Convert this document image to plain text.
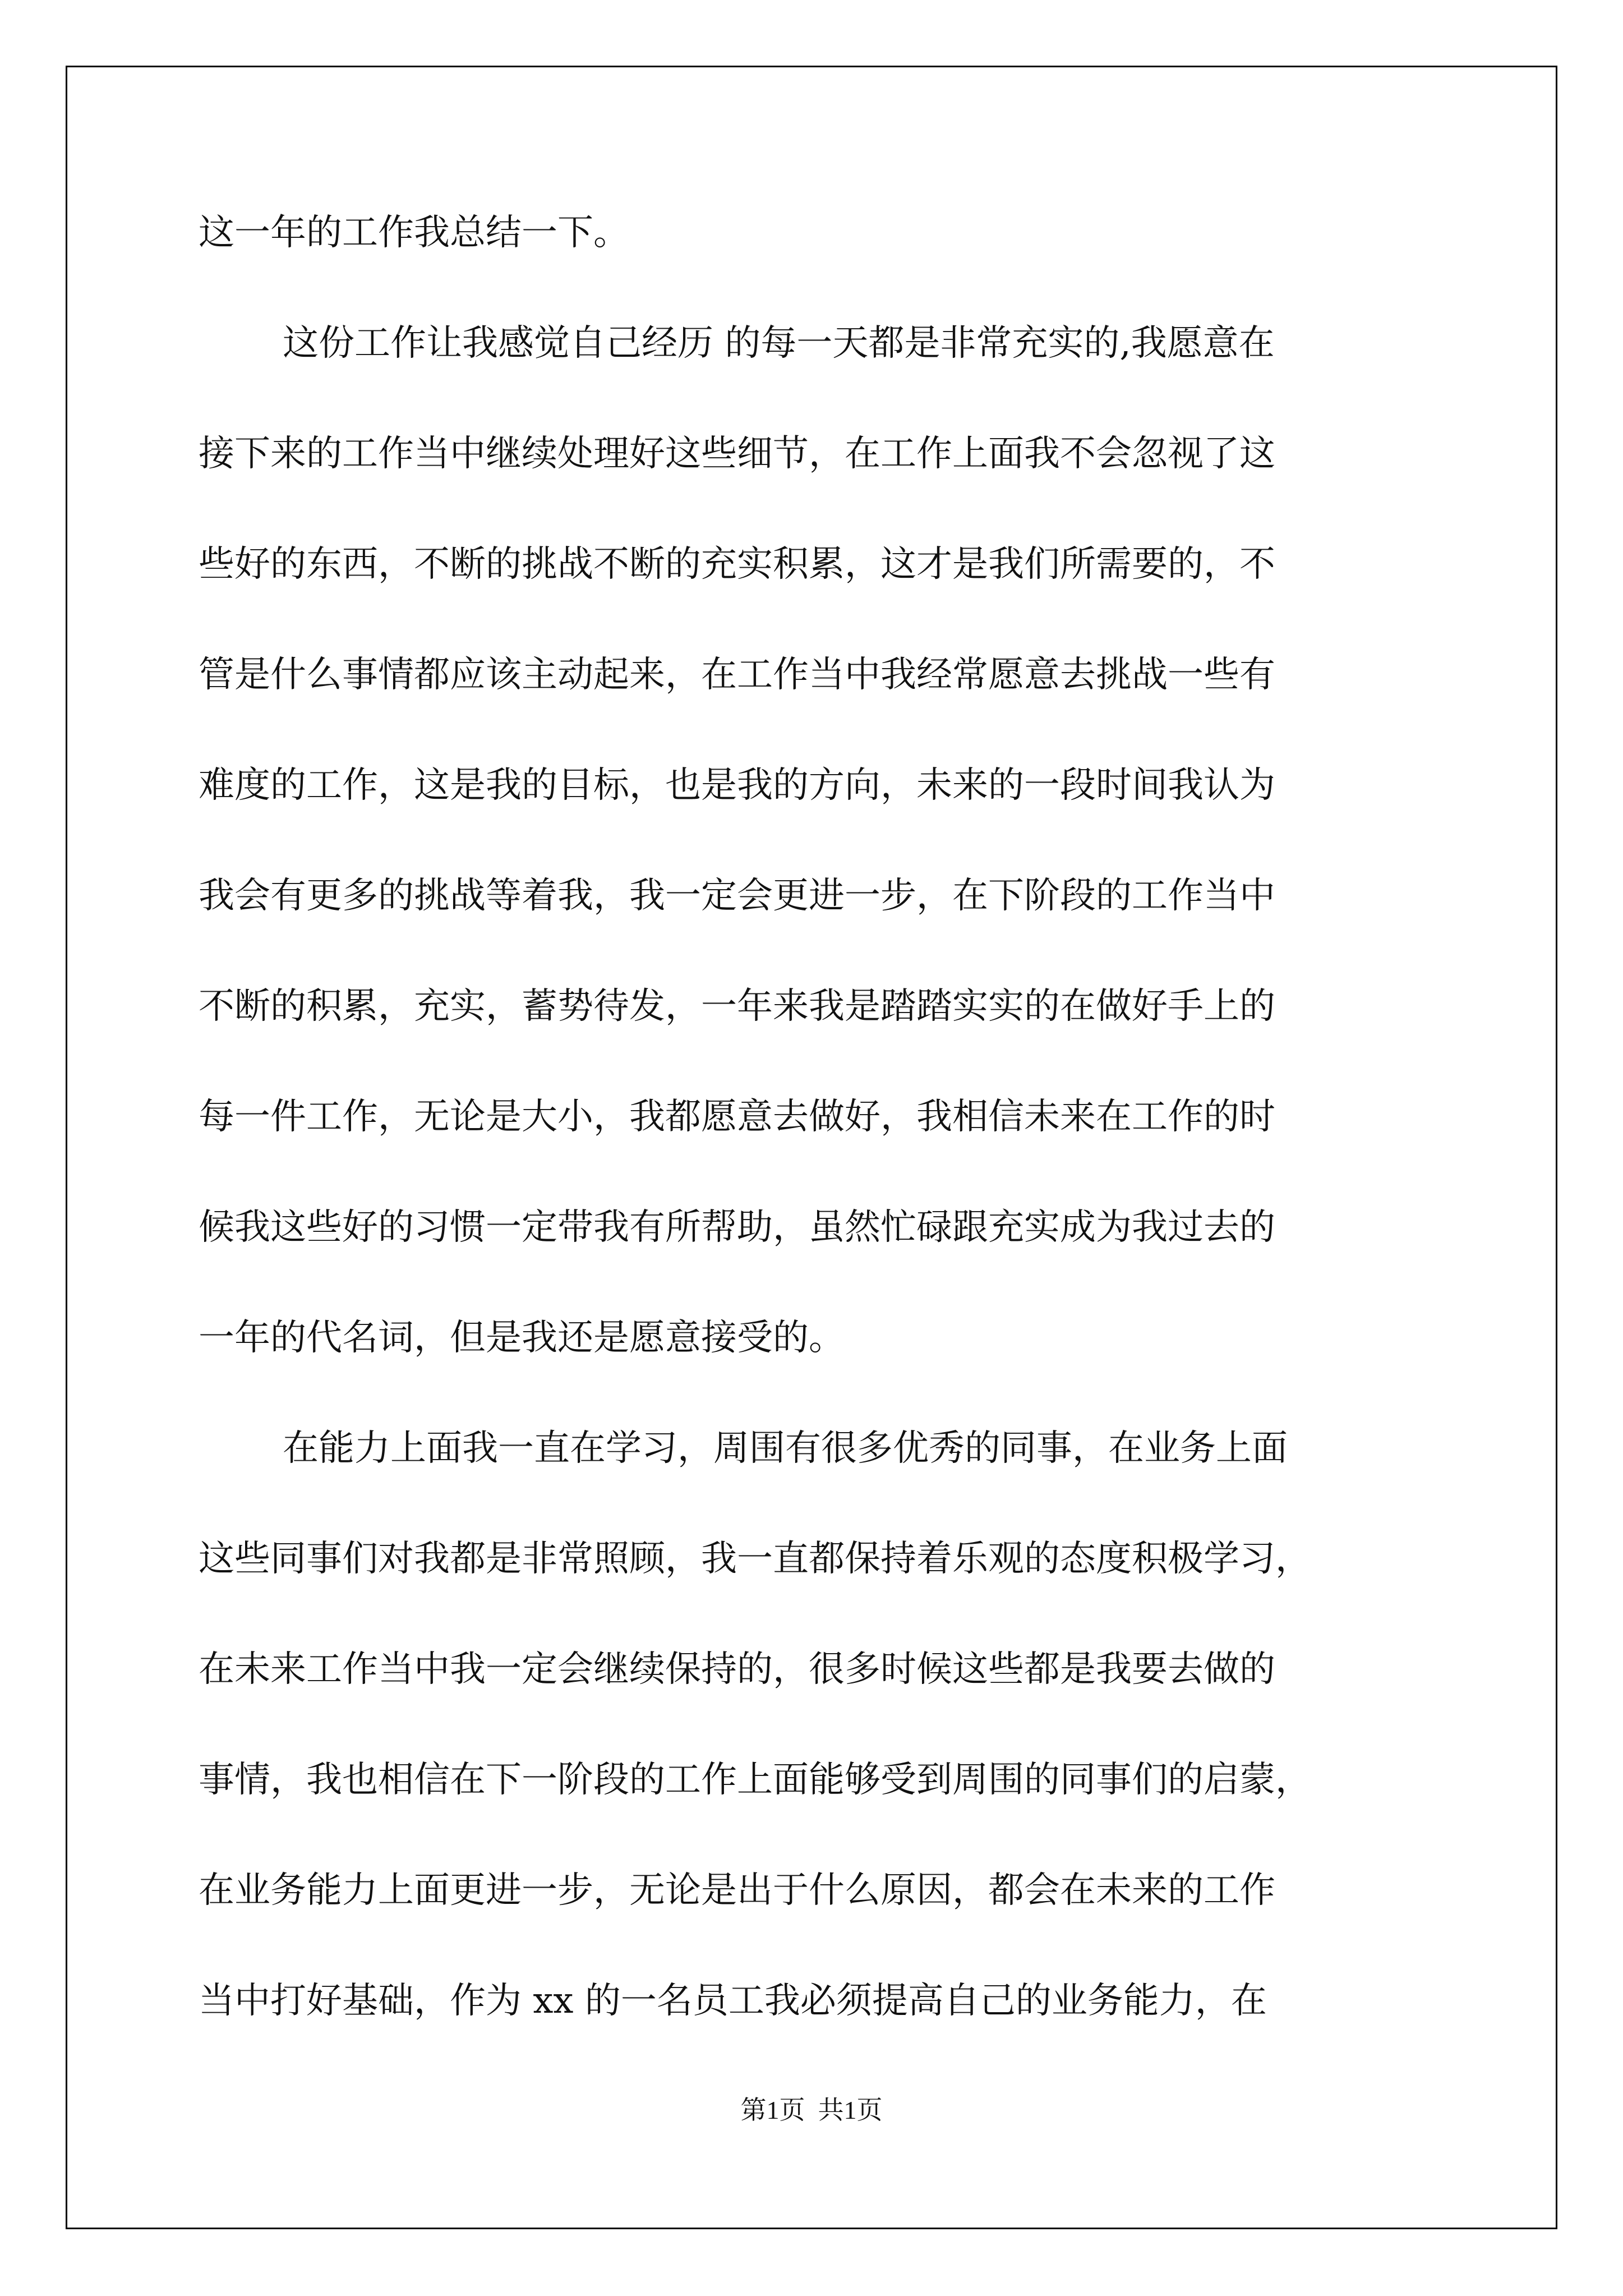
这一年的工作我总结一下。
这份工作让我感觉自己经历 的每一天都是非常充实的,我愿意在
接下来的工作当中继续处理好这些细节，在工作上面我不会忽视了这
些好的东西，不断的挑战不断的充实积累，这才是我们所需要的，不
管是什么事情都应该主动起来，在工作当中我经常愿意去挑战一些有
难度的工作，这是我的目标，也是我的方向，未来的一段时间我认为
我会有更多的挑战等着我，我一定会更进一步，在下阶段的工作当中
不断的积累，充实，蓄势待发，一年来我是踏踏实实的在做好手上的
每一件工作，无论是大小，我都愿意去做好，我相信未来在工作的时
候我这些好的习惯一定带我有所帮助，虽然忙碌跟充实成为我过去的
一年的代名词，但是我还是愿意接受的。
在能力上面我一直在学习，周围有很多优秀的同事，在业务上面
这些同事们对我都是非常照顾，我一直都保持着乐观的态度积极学习，
在未来工作当中我一定会继续保持的，很多时候这些都是我要去做的
事情，我也相信在下一阶段的工作上面能够受到周围的同事们的启蒙，
在业务能力上面更进一步，无论是出于什么原因，都会在未来的工作
当中打好基础，作为 xx 的一名员工我必须提高自己的业务能力，在
第1页  共1页
